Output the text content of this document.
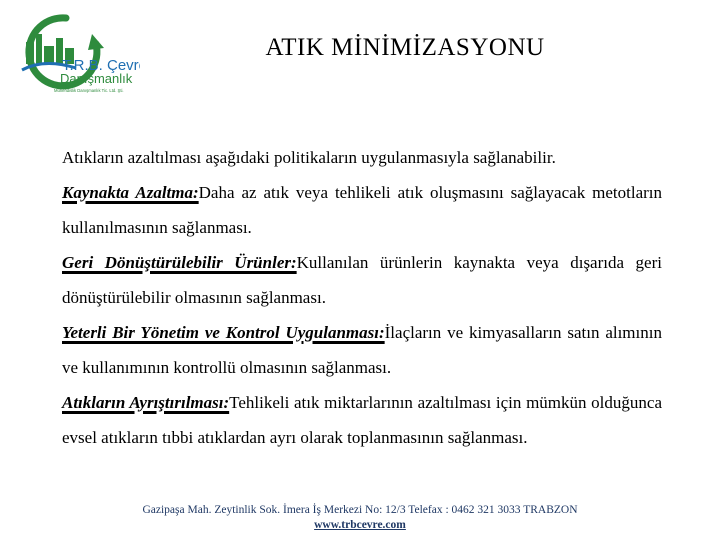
T.R.B. Çevre
Danışmanlık
Mühendislik Danışmanlık Tic. Ltd. Şti.
ATIK MİNİMİZASYONU

Atıkların azaltılması aşağıdaki politikaların uygulanmasıyla sağlanabilir.

Kaynakta Azaltma:Daha az atık veya tehlikeli atık oluşmasını sağlayacak metotların kullanılmasının sağlanması.

Geri Dönüştürülebilir Ürünler:Kullanılan ürünlerin kaynakta veya dışarıda geri dönüştürülebilir olmasının sağlanması.

Yeterli Bir Yönetim ve Kontrol Uygulanması:İlaçların ve kimyasalların satın alımının ve kullanımının kontrollü olmasının sağlanması.

Atıkların Ayrıştırılması:Tehlikeli atık miktarlarının azaltılması için mümkün olduğunca evsel atıkların tıbbi atıklardan ayrı olarak toplanmasının sağlanması.

Gazipaşa Mah. Zeytinlik Sok. İmera İş Merkezi No: 12/3 Telefax : 0462 321 3033 TRABZON
www.trbcevre.com
